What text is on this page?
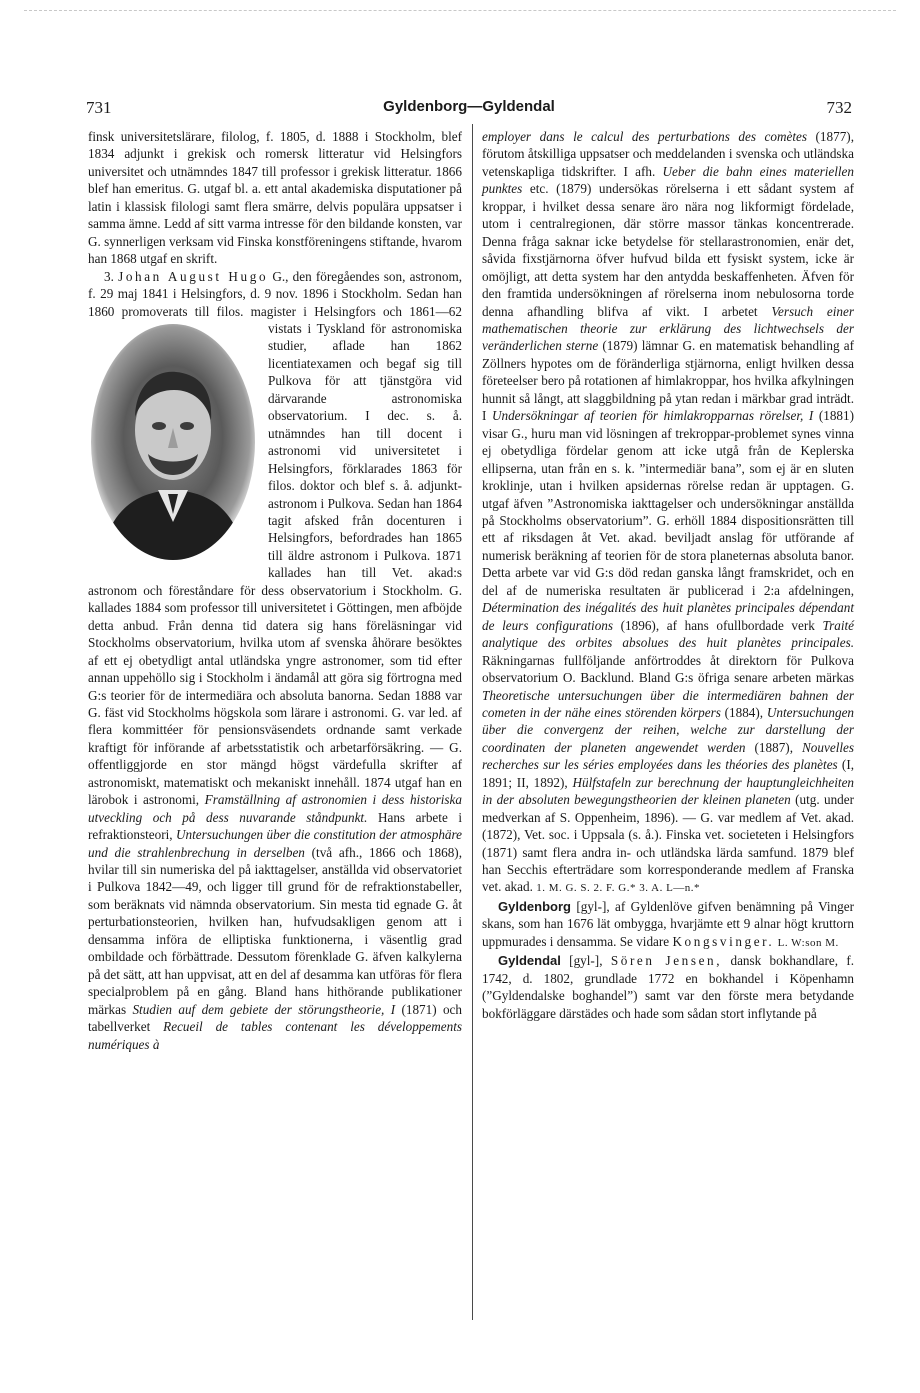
731	Gyldenborg—Gyldendal	732

finsk universitetslärare, filolog, f. 1805, d. 1888 i Stockholm, blef 1834 adjunkt i grekisk och romersk litteratur vid Helsingfors universitet och utnämndes 1847 till professor i grekisk litteratur. 1866 blef han emeritus. G. utgaf bl. a. ett antal akademiska disputationer på latin i klassisk filologi samt flera smärre, delvis populära uppsatser i samma ämne. Ledd af sitt varma intresse för den bildande konsten, var G. synnerligen verksam vid Finska konstföreningens stiftande, hvarom han 1868 utgaf en skrift.

3. Johan August Hugo G., den föregåendes son, astronom, f. 29 maj 1841 i Helsingfors, d. 9 nov. 1896 i Stockholm. Sedan han 1860 promoverats till filos. magister i Helsingfors och 1861—62
vistats i Tyskland för astronomiska studier, aflade han 1862 licentiatexamen och begaf sig till Pulkova för att tjänstgöra vid därvarande astronomiska observatorium. I dec. s. å. utnämndes han till docent i astronomi vid universitetet i Helsingfors, förklarades 1863 för filos. doktor och blef s. å. adjunkt-astronom i Pulkova. Sedan han 1864 tagit afsked från docenturen i Helsingfors, befordrades han 1865 till äldre astronom i Pulkova. 1871 kallades han till Vet. akad:s astronom och föreståndare för dess observatorium i Stockholm. G. kallades 1884 som professor till universitetet i Göttingen, men afböjde detta anbud. Från denna tid datera sig hans föreläsningar vid Stockholms observatorium, hvilka utom af svenska åhörare besöktes af ett ej obetydligt antal utländska yngre astronomer, som tid efter annan uppehöllo sig i Stockholm i ändamål att göra sig förtrogna med G:s teorier för de intermediära och absoluta banorna. Sedan 1888 var G. fäst vid Stockholms högskola som lärare i astronomi. G. var led. af flera kommittéer för pensionsväsendets ordnande samt verkade kraftigt för införande af arbetsstatistik och arbetarförsäkring. — G. offentliggjorde en stor mängd högst värdefulla skrifter af astronomiskt, matematiskt och mekaniskt innehåll. 1874 utgaf han en lärobok i astronomi, Framställning af astronomien i dess historiska utveckling och på dess nuvarande ståndpunkt. Hans arbete i refraktionsteori, Untersuchungen über die constitution der atmosphäre und die strahlenbrechung in derselben (två afh., 1866 och 1868), hvilar till sin numeriska del på iakttagelser, anställda vid observatoriet i Pulkova 1842—49, och ligger till grund för de refraktionstabeller, som beräknats vid nämnda observatorium. Sin mesta tid egnade G. åt perturbationsteorien, hvilken han, hufvudsakligen genom att i densamma införa de elliptiska funktionerna, i väsentlig grad ombildade och förbättrade. Dessutom förenklade G. äfven kalkylerna på det sätt, att han uppvisat, att en del af desamma kan utföras för flera specialproblem på en gång. Bland hans hithörande publikationer märkas Studien auf dem gebiete der störungstheorie, I (1871) och tabellverket Recueil de tables contenant les développements numériques à

employer dans le calcul des perturbations des comètes (1877), förutom åtskilliga uppsatser och meddelanden i svenska och utländska vetenskapliga tidskrifter. I afh. Ueber die bahn eines materiellen punktes etc. (1879) undersökas rörelserna i ett sådant system af kroppar, i hvilket dessa senare äro nära nog likformigt fördelade, utom i centralregionen, där större massor tänkas koncentrerade. Denna fråga saknar icke betydelse för stellarastronomien, enär det, såvida fixstjärnorna öfver hufvud bilda ett fysiskt system, icke är omöjligt, att detta system har den antydda beskaffenheten. Äfven för den framtida undersökningen af rörelserna inom nebulosorna torde denna afhandling blifva af vikt. I arbetet Versuch einer mathematischen theorie zur erklärung des lichtwechsels der veränderlichen sterne (1879) lämnar G. en matematisk behandling af Zöllners hypotes om de föränderliga stjärnorna, enligt hvilken dessa företeelser bero på rotationen af himlakroppar, hos hvilka afkylningen hunnit så långt, att slaggbildning på ytan redan i märkbar grad inträdt. I Undersökningar af teorien för himlakropparnas rörelser, I (1881) visar G., huru man vid lösningen af trekroppar-problemet synes vinna ej obetydliga fördelar genom att icke utgå från de Keplerska ellipserna, utan från en s. k. ”intermediär bana”, som ej är en sluten kroklinje, utan i hvilken apsidernas rörelse redan är upptagen. G. utgaf äfven ”Astronomiska iakttagelser och undersökningar anställda på Stockholms observatorium”. G. erhöll 1884 dispositionsrätten till ett af riksdagen åt Vet. akad. beviljadt anslag för utförande af numerisk beräkning af teorien för de stora planeternas absoluta banor. Detta arbete var vid G:s död redan ganska långt framskridet, och en del af de numeriska resultaten är publicerad i 2:a afdelningen, Détermination des inégalités des huit planètes principales dépendant de leurs configurations (1896), af hans ofullbordade verk Traité analytique des orbites absolues des huit planètes principales. Räkningarnas fullföljande anförtroddes åt direktorn för Pulkova observatorium O. Backlund. Bland G:s öfriga senare arbeten märkas Theoretische untersuchungen über die intermediären bahnen der cometen in der nähe eines störenden körpers (1884), Untersuchungen über die convergenz der reihen, welche zur darstellung der coordinaten der planeten angewendet werden (1887), Nouvelles recherches sur les séries employées dans les théories des planètes (I, 1891; II, 1892), Hülfstafeln zur berechnung der hauptungleichheiten in der absoluten bewegungstheorien der kleinen planeten (utg. under medverkan af S. Oppenheim, 1896). — G. var medlem af Vet. akad. (1872), Vet. soc. i Uppsala (s. å.). Finska vet. societeten i Helsingfors (1871) samt flera andra in- och utländska lärda samfund. 1879 blef han Secchis efterträdare som korresponderande medlem af Franska vet. akad. 1. M. G. S. 2. F. G.* 3. A. L—n.*

Gyldenborg [gyl-], af Gyldenlöve gifven benämning på Vinger skans, som han 1676 lät ombygga, hvarjämte ett 9 alnar högt kruttorn uppmurades i densamma. Se vidare Kongsvinger. L. W:son M.

Gyldendal [gyl-], Sören Jensen, dansk bokhandlare, f. 1742, d. 1802, grundlade 1772 en bokhandel i Köpenhamn (”Gyldendalske boghandel”) samt var den förste mera betydande bokförläggare därstädes och hade som sådan stort inflytande på
